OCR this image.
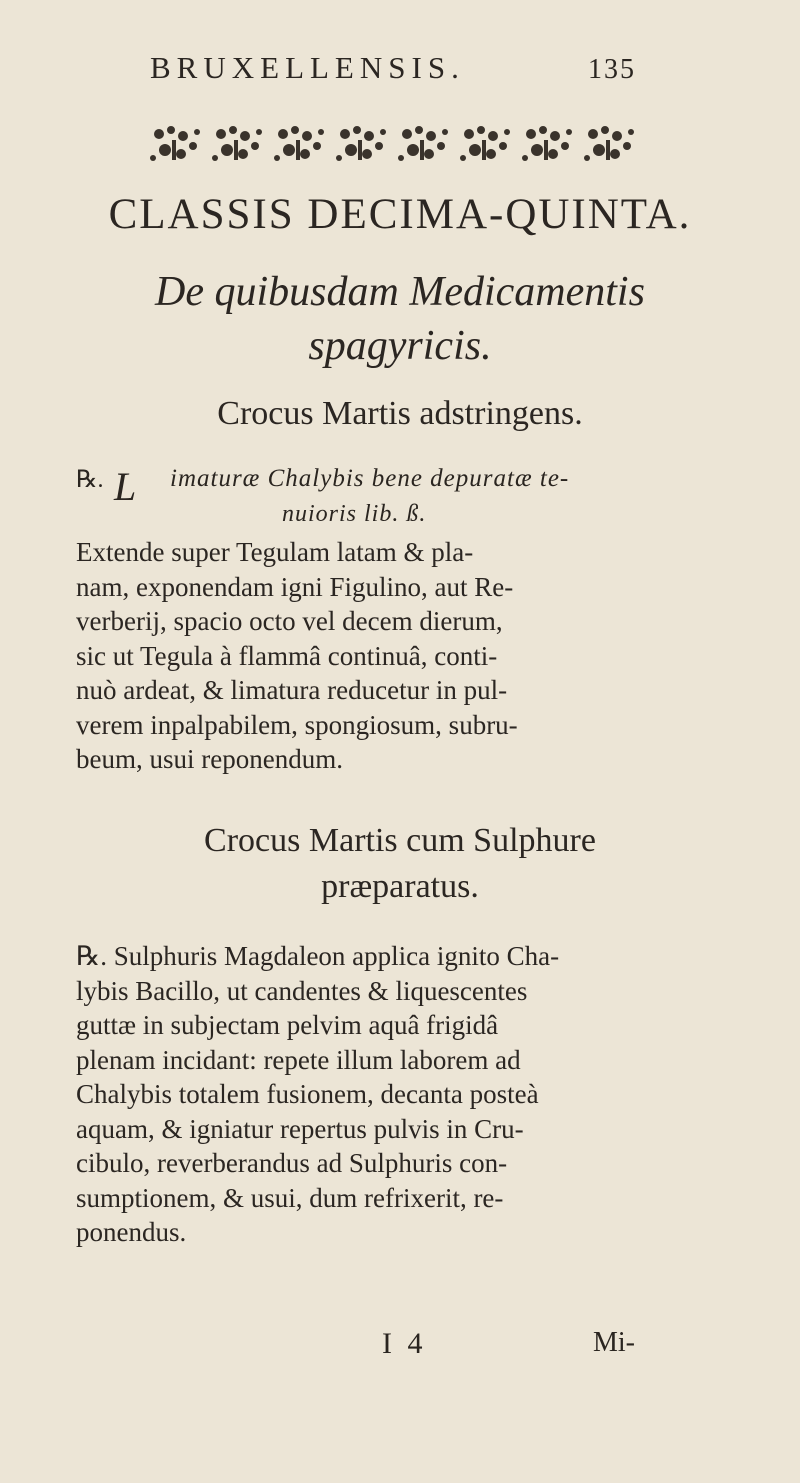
BRUXELLENSIS.	135
CLASSIS DECIMA-QUINTA.
De quibusdam Medicamentis
spagyricis.
Crocus Martis adstringens.
℞. L imaturæ Chalybis bene depuratæ te-
nuioris lib. ß.
Extende super Tegulam latam & pla-
nam, exponendam igni Figulino, aut Re-
verberij, spacio octo vel decem dierum,
sic ut Tegula à flammâ continuâ, conti-
nuò ardeat, & limatura reducetur in pul-
verem inpalpabilem, spongiosum, subru-
beum, usui reponendum.
Crocus Martis cum Sulphure
præparatus.
℞. Sulphuris Magdaleon applica ignito Cha-
lybis Bacillo, ut candentes & liquescentes
guttæ in subjectam pelvim aquâ frigidâ
plenam incidant: repete illum laborem ad
Chalybis totalem fusionem, decanta posteà
aquam, & igniatur repertus pulvis in Cru-
cibulo, reverberandus ad Sulphuris con-
sumptionem, & usui, dum refrixerit, re-
ponendus.
I 4	Mi-
